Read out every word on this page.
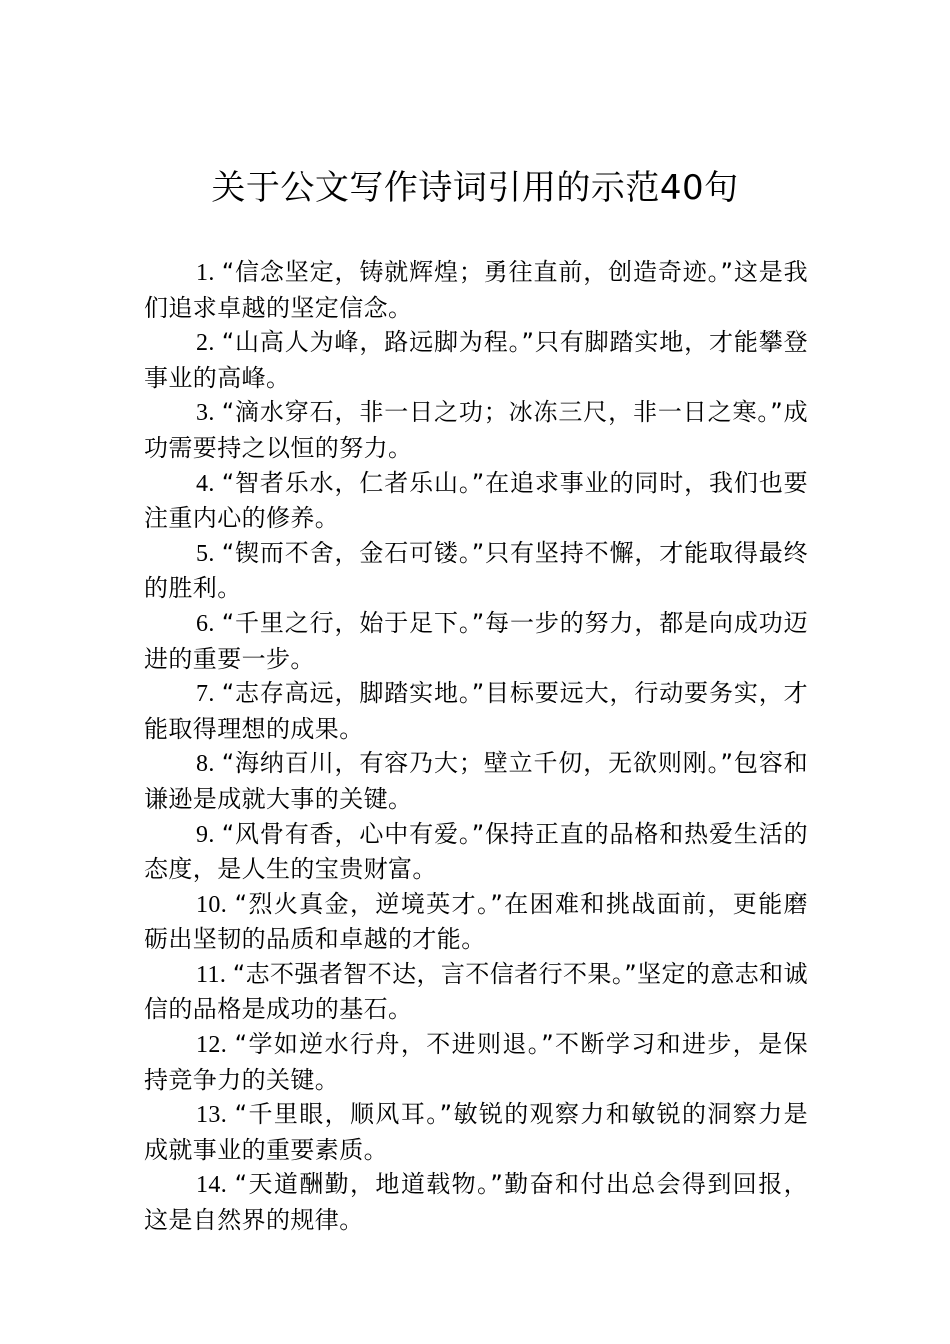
关于公文写作诗词引用的示范40句

1. “信念坚定，铸就辉煌；勇往直前，创造奇迹。”这是我们追求卓越的坚定信念。

2. “山高人为峰，路远脚为程。”只有脚踏实地，才能攀登事业的高峰。

3. “滴水穿石，非一日之功；冰冻三尺，非一日之寒。”成功需要持之以恒的努力。

4. “智者乐水，仁者乐山。”在追求事业的同时，我们也要注重内心的修养。

5. “锲而不舍，金石可镂。”只有坚持不懈，才能取得最终的胜利。

6. “千里之行，始于足下。”每一步的努力，都是向成功迈进的重要一步。

7. “志存高远，脚踏实地。”目标要远大，行动要务实，才能取得理想的成果。

8. “海纳百川，有容乃大；壁立千仞，无欲则刚。”包容和谦逊是成就大事的关键。

9. “风骨有香，心中有爱。”保持正直的品格和热爱生活的态度，是人生的宝贵财富。

10. “烈火真金，逆境英才。”在困难和挑战面前，更能磨砺出坚韧的品质和卓越的才能。

11. “志不强者智不达，言不信者行不果。”坚定的意志和诚信的品格是成功的基石。

12. “学如逆水行舟，不进则退。”不断学习和进步，是保持竞争力的关键。

13. “千里眼，顺风耳。”敏锐的观察力和敏锐的洞察力是成就事业的重要素质。

14. “天道酬勤，地道载物。”勤奋和付出总会得到回报，这是自然界的规律。
